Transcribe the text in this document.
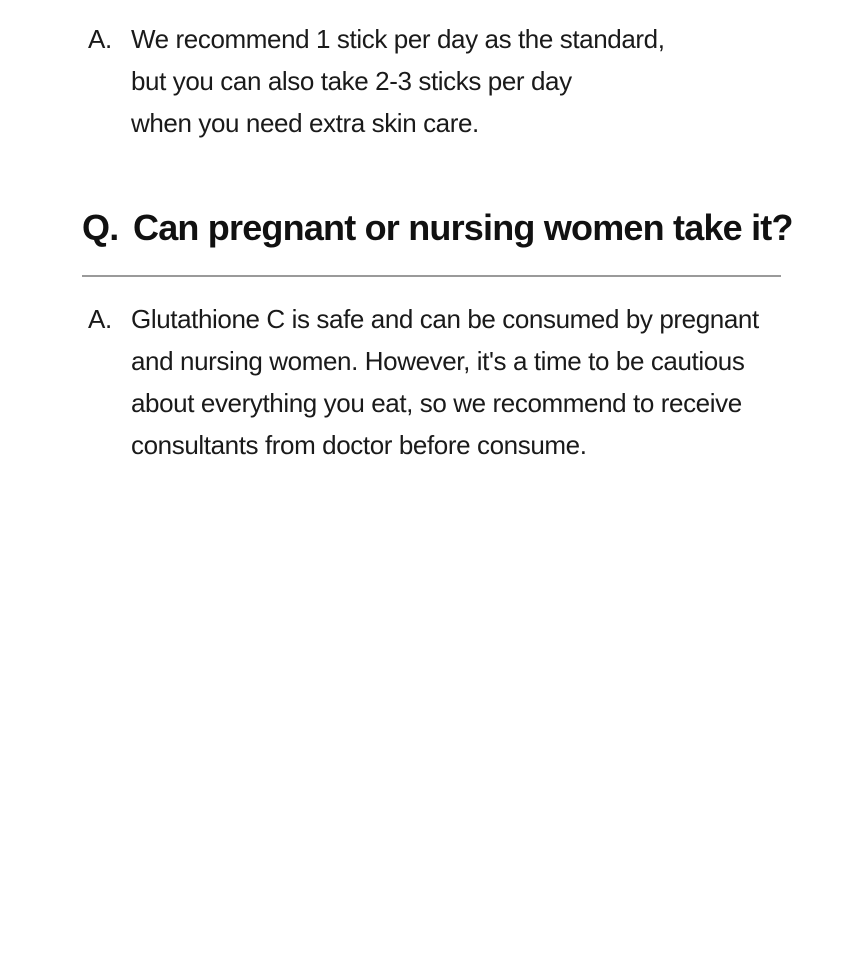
A. We recommend 1 stick per day as the standard,
but you can also take 2-3 sticks per day
when you need extra skin care.
Q. Can pregnant or nursing women take it?
A. Glutathione C is safe and can be consumed by pregnant
and nursing women. However, it's a time to be cautious
about everything you eat, so we recommend to receive
consultants from doctor before consume.
